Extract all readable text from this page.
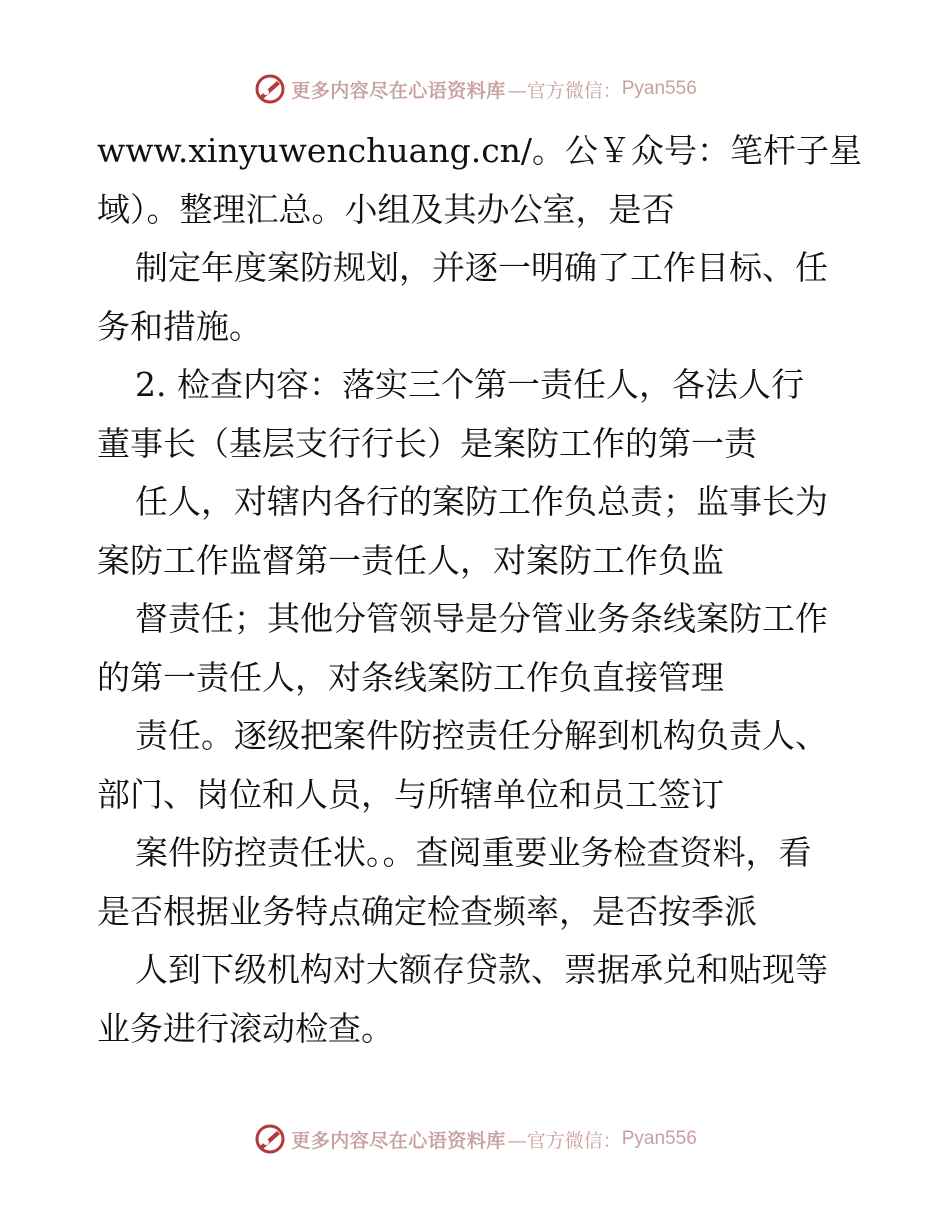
更多内容尽在心语资料库 —官方微信： Pyan556
www.xinyuwenchuang.cn/。公￥众号：笔杆子星
域）。整理汇总。小组及其办公室，是否
制定年度案防规划，并逐一明确了工作目标、任
务和措施。
2. 检查内容：落实三个第一责任人，各法人行
董事长（基层支行行长）是案防工作的第一责
任人，对辖内各行的案防工作负总责；监事长为
案防工作监督第一责任人，对案防工作负监
督责任；其他分管领导是分管业务条线案防工作
的第一责任人，对条线案防工作负直接管理
责任。逐级把案件防控责任分解到机构负责人、
部门、岗位和人员，与所辖单位和员工签订
案件防控责任状。。查阅重要业务检查资料，看
是否根据业务特点确定检查频率，是否按季派
人到下级机构对大额存贷款、票据承兑和贴现等
业务进行滚动检查。
更多内容尽在心语资料库 —官方微信： Pyan556
